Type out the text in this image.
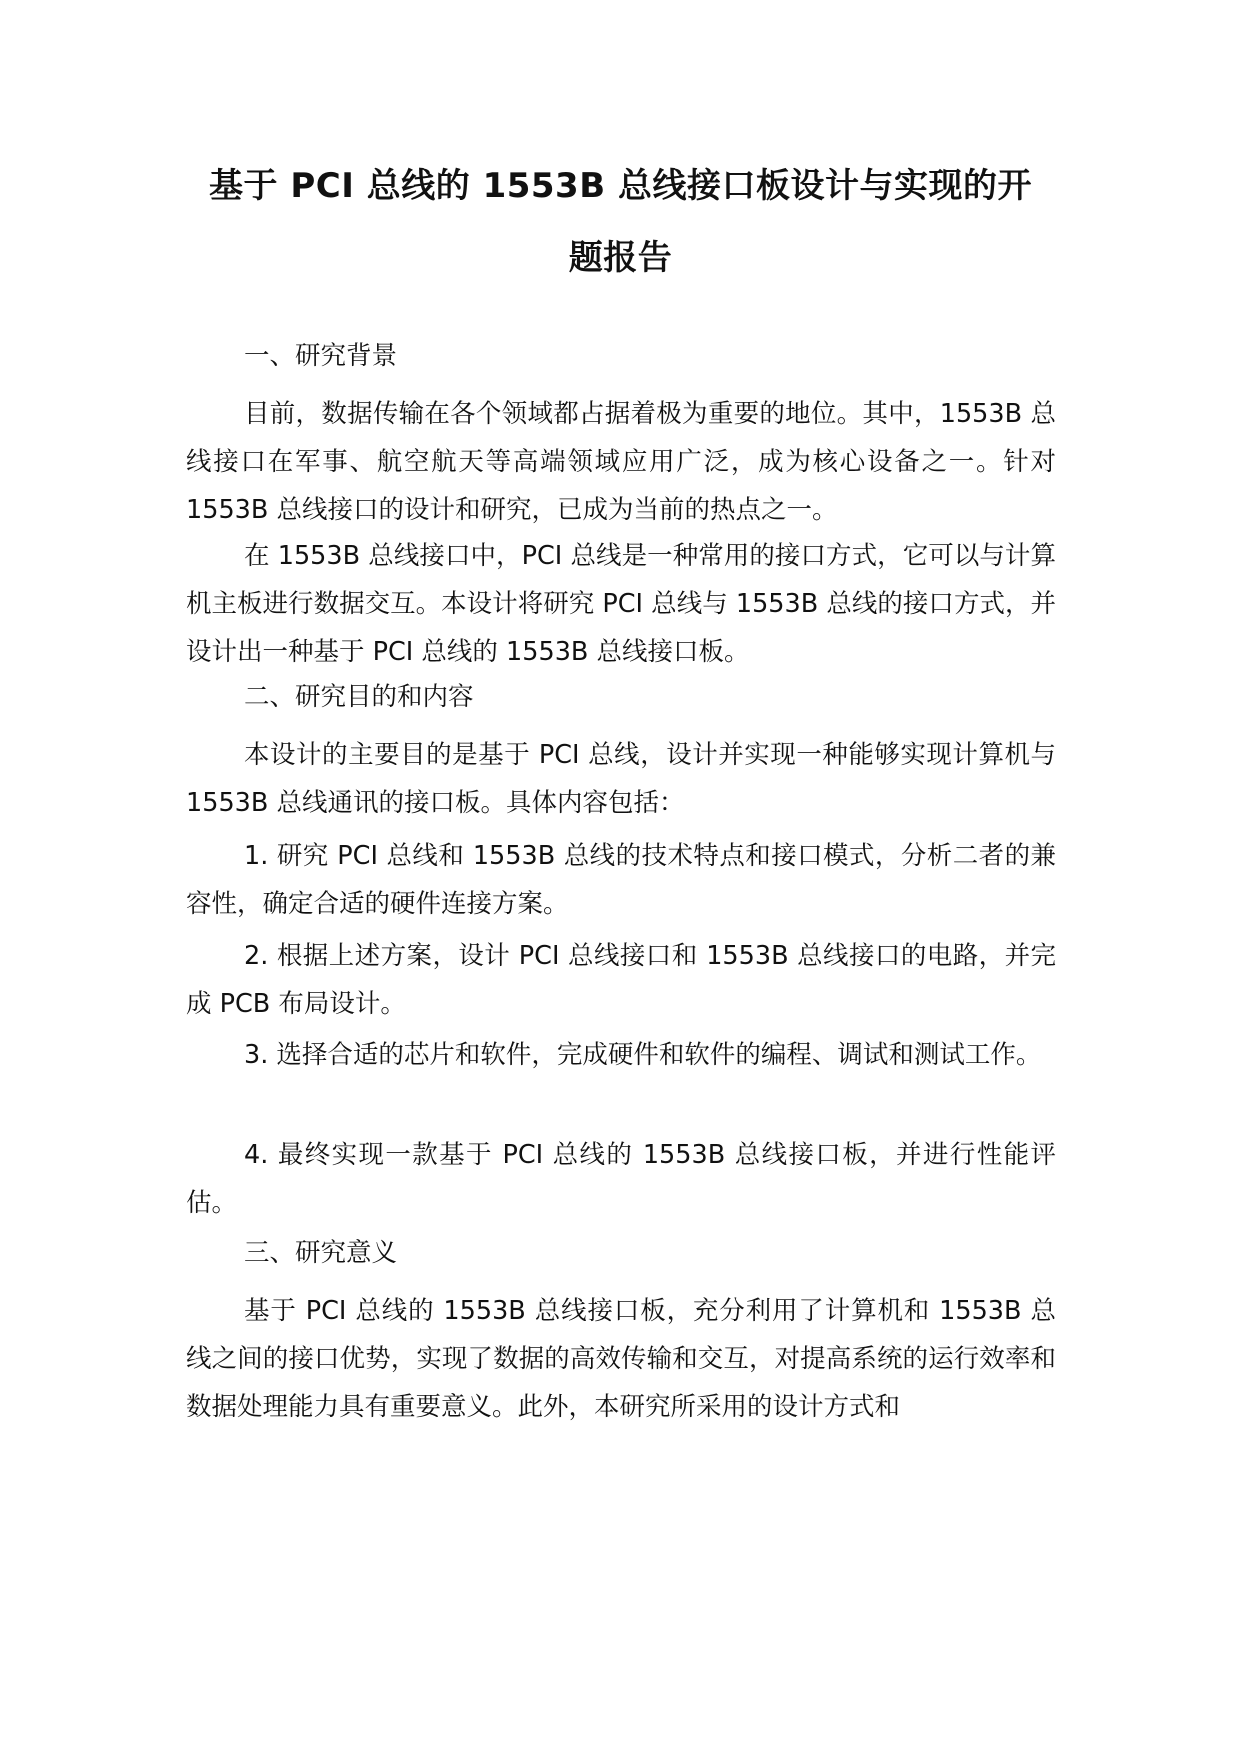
基于 PCI 总线的 1553B 总线接口板设计与实现的开
题报告
一、研究背景
目前，数据传输在各个领域都占据着极为重要的地位。其中，1553B 总线接口在军事、航空航天等高端领域应用广泛，成为核心设备之一。针对 1553B 总线接口的设计和研究，已成为当前的热点之一。
在 1553B 总线接口中，PCI 总线是一种常用的接口方式，它可以与计算机主板进行数据交互。本设计将研究 PCI 总线与 1553B 总线的接口方式，并设计出一种基于 PCI 总线的 1553B 总线接口板。
二、研究目的和内容
本设计的主要目的是基于 PCI 总线，设计并实现一种能够实现计算机与 1553B 总线通讯的接口板。具体内容包括：
1. 研究 PCI 总线和 1553B 总线的技术特点和接口模式，分析二者的兼容性，确定合适的硬件连接方案。
2. 根据上述方案，设计 PCI 总线接口和 1553B 总线接口的电路，并完成 PCB 布局设计。
3. 选择合适的芯片和软件，完成硬件和软件的编程、调试和测试工作。
4. 最终实现一款基于 PCI 总线的 1553B 总线接口板，并进行性能评估。
三、研究意义
基于 PCI 总线的 1553B 总线接口板，充分利用了计算机和 1553B 总线之间的接口优势，实现了数据的高效传输和交互，对提高系统的运行效率和数据处理能力具有重要意义。此外，本研究所采用的设计方式和
